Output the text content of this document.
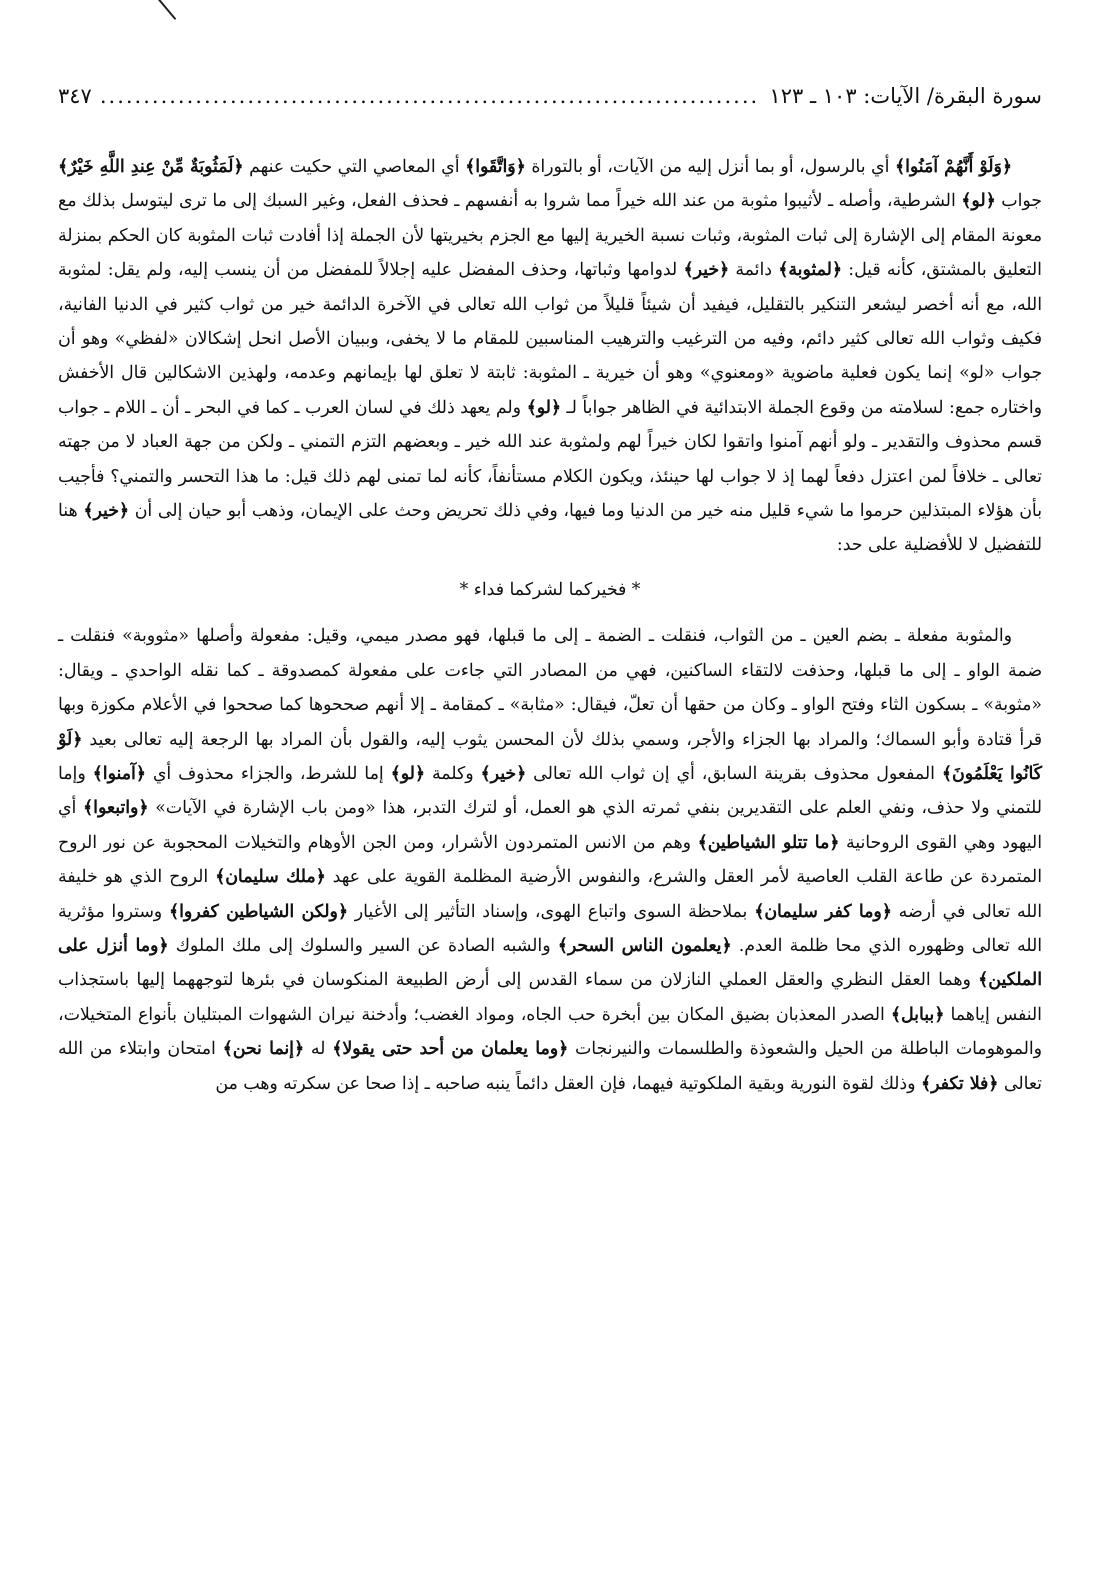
سورة البقرة/ الآيات: ١٠٣ ـ ١٢٣
.....
٣٤٧

﴿وَلَوْ أَنَّهُمْ آمَنُوا﴾ أي بالرسول، أو بما أنزل إليه من الآيات، أو بالتوراة ﴿وَاتَّقَوا﴾ أي المعاصي التي حكيت عنهم ﴿لَمَثُوبَةٌ مِّنْ عِندِ اللَّهِ خَيْرٌ﴾ جواب ﴿لو﴾ الشرطية، وأصله ـ لأثيبوا مثوبة من عند الله خيراً مما شروا به أنفسهم ـ فحذف الفعل، وغير السبك إلى ما ترى ليتوسل بذلك مع معونة المقام إلى الإشارة إلى ثبات المثوبة، وثبات نسبة الخيرية إليها مع الجزم بخيريتها لأن الجملة إذا أفادت ثبات المثوبة كان الحكم بمنزلة التعليق بالمشتق، كأنه قيل: ﴿لمثوبة﴾ دائمة ﴿خير﴾ لدوامها وثباتها، وحذف المفضل عليه إجلالاً للمفضل من أن ينسب إليه، ولم يقل: لمثوبة الله، مع أنه أخصر ليشعر التنكير بالتقليل، فيفيد أن شيئاً قليلاً من ثواب الله تعالى في الآخرة الدائمة خير من ثواب كثير في الدنيا الفانية، فكيف وثواب الله تعالى كثير دائم، وفيه من الترغيب والترهيب المناسبين للمقام ما لا يخفى، وببيان الأصل انحل إشكالان «لفظي» وهو أن جواب «لو» إنما يكون فعلية ماضوية «ومعنوي» وهو أن خيرية ـ المثوبة: ثابتة لا تعلق لها بإيمانهم وعدمه، ولهذين الاشكالين قال الأخفش واختاره جمع: لسلامته من وقوع الجملة الابتدائية في الظاهر جواباً لـ ﴿لو﴾ ولم يعهد ذلك في لسان العرب ـ كما في البحر ـ أن ـ اللام ـ جواب قسم محذوف والتقدير ـ ولو أنهم آمنوا واتقوا لكان خيراً لهم ولمثوبة عند الله خير ـ وبعضهم التزم التمني ـ ولكن من جهة العباد لا من جهته تعالى ـ خلافاً لمن اعتزل دفعاً لهما إذ لا جواب لها حينئذ، ويكون الكلام مستأنفاً، كأنه لما تمنى لهم ذلك قيل: ما هذا التحسر والتمني؟ فأجيب بأن هؤلاء المبتذلين حرموا ما شيء قليل منه خير من الدنيا وما فيها، وفي ذلك تحريض وحث على الإيمان، وذهب أبو حيان إلى أن ﴿خير﴾ هنا للتفضيل لا للأفضلية على حد:

* فخيركما لشركما فداء *

والمثوبة مفعلة ـ بضم العين ـ من الثواب، فنقلت ـ الضمة ـ إلى ما قبلها، فهو مصدر ميمي، وقيل: مفعولة وأصلها «مثووبة» فنقلت ـ ضمة الواو ـ إلى ما قبلها، وحذفت لالتقاء الساكنين، فهي من المصادر التي جاءت على مفعولة كمصدوقة ـ كما نقله الواحدي ـ ويقال: «مثوبة» ـ بسكون الثاء وفتح الواو ـ وكان من حقها أن تعلّ، فيقال: «مثابة» ـ كمقامة ـ إلا أنهم صححوها كما صححوا في الأعلام مكوزة وبها قرأ قتادة وأبو السماك؛ والمراد بها الجزاء والأجر، وسمي بذلك لأن المحسن يثوب إليه، والقول بأن المراد بها الرجعة إليه تعالى بعيد ﴿لَوْ كَانُوا يَعْلَمُونَ﴾ المفعول محذوف بقرينة السابق، أي إن ثواب الله تعالى ﴿خير﴾ وكلمة ﴿لو﴾ إما للشرط، والجزاء محذوف أي ﴿آمنوا﴾ وإما للتمني ولا حذف، ونفي العلم على التقديرين بنفي ثمرته الذي هو العمل، أو لترك التدبر، هذا «ومن باب الإشارة في الآيات» ﴿واتبعوا﴾ أي اليهود وهي القوى الروحانية ﴿ما تتلو الشياطين﴾ وهم من الانس المتمردون الأشرار، ومن الجن الأوهام والتخيلات المحجوبة عن نور الروح المتمردة عن طاعة القلب العاصية لأمر العقل والشرع، والنفوس الأرضية المظلمة القوية على عهد ﴿ملك سليمان﴾ الروح الذي هو خليفة الله تعالى في أرضه ﴿وما كفر سليمان﴾ بملاحظة السوى واتباع الهوى، وإسناد التأثير إلى الأغيار ﴿ولكن الشياطين كفروا﴾ وستروا مؤثرية الله تعالى وظهوره الذي محا ظلمة العدم. ﴿يعلمون الناس السحر﴾ والشبه الصادة عن السير والسلوك إلى ملك الملوك ﴿وما أنزل على الملكين﴾ وهما العقل النظري والعقل العملي النازلان من سماء القدس إلى أرض الطبيعة المنكوسان في بئرها لتوجههما إليها باستجذاب النفس إياهما ﴿ببابل﴾ الصدر المعذبان بضيق المكان بين أبخرة حب الجاه، ومواد الغضب؛ وأدخنة نيران الشهوات المبتليان بأنواع المتخيلات، والموهومات الباطلة من الحيل والشعوذة والطلسمات والنيرنجات ﴿وما يعلمان من أحد حتى يقولا﴾ له ﴿إنما نحن﴾ امتحان وابتلاء من الله تعالى ﴿فلا تكفر﴾ وذلك لقوة النورية وبقية الملكوتية فيهما، فإن العقل دائماً ينبه صاحبه ـ إذا صحا عن سكرته وهب من
